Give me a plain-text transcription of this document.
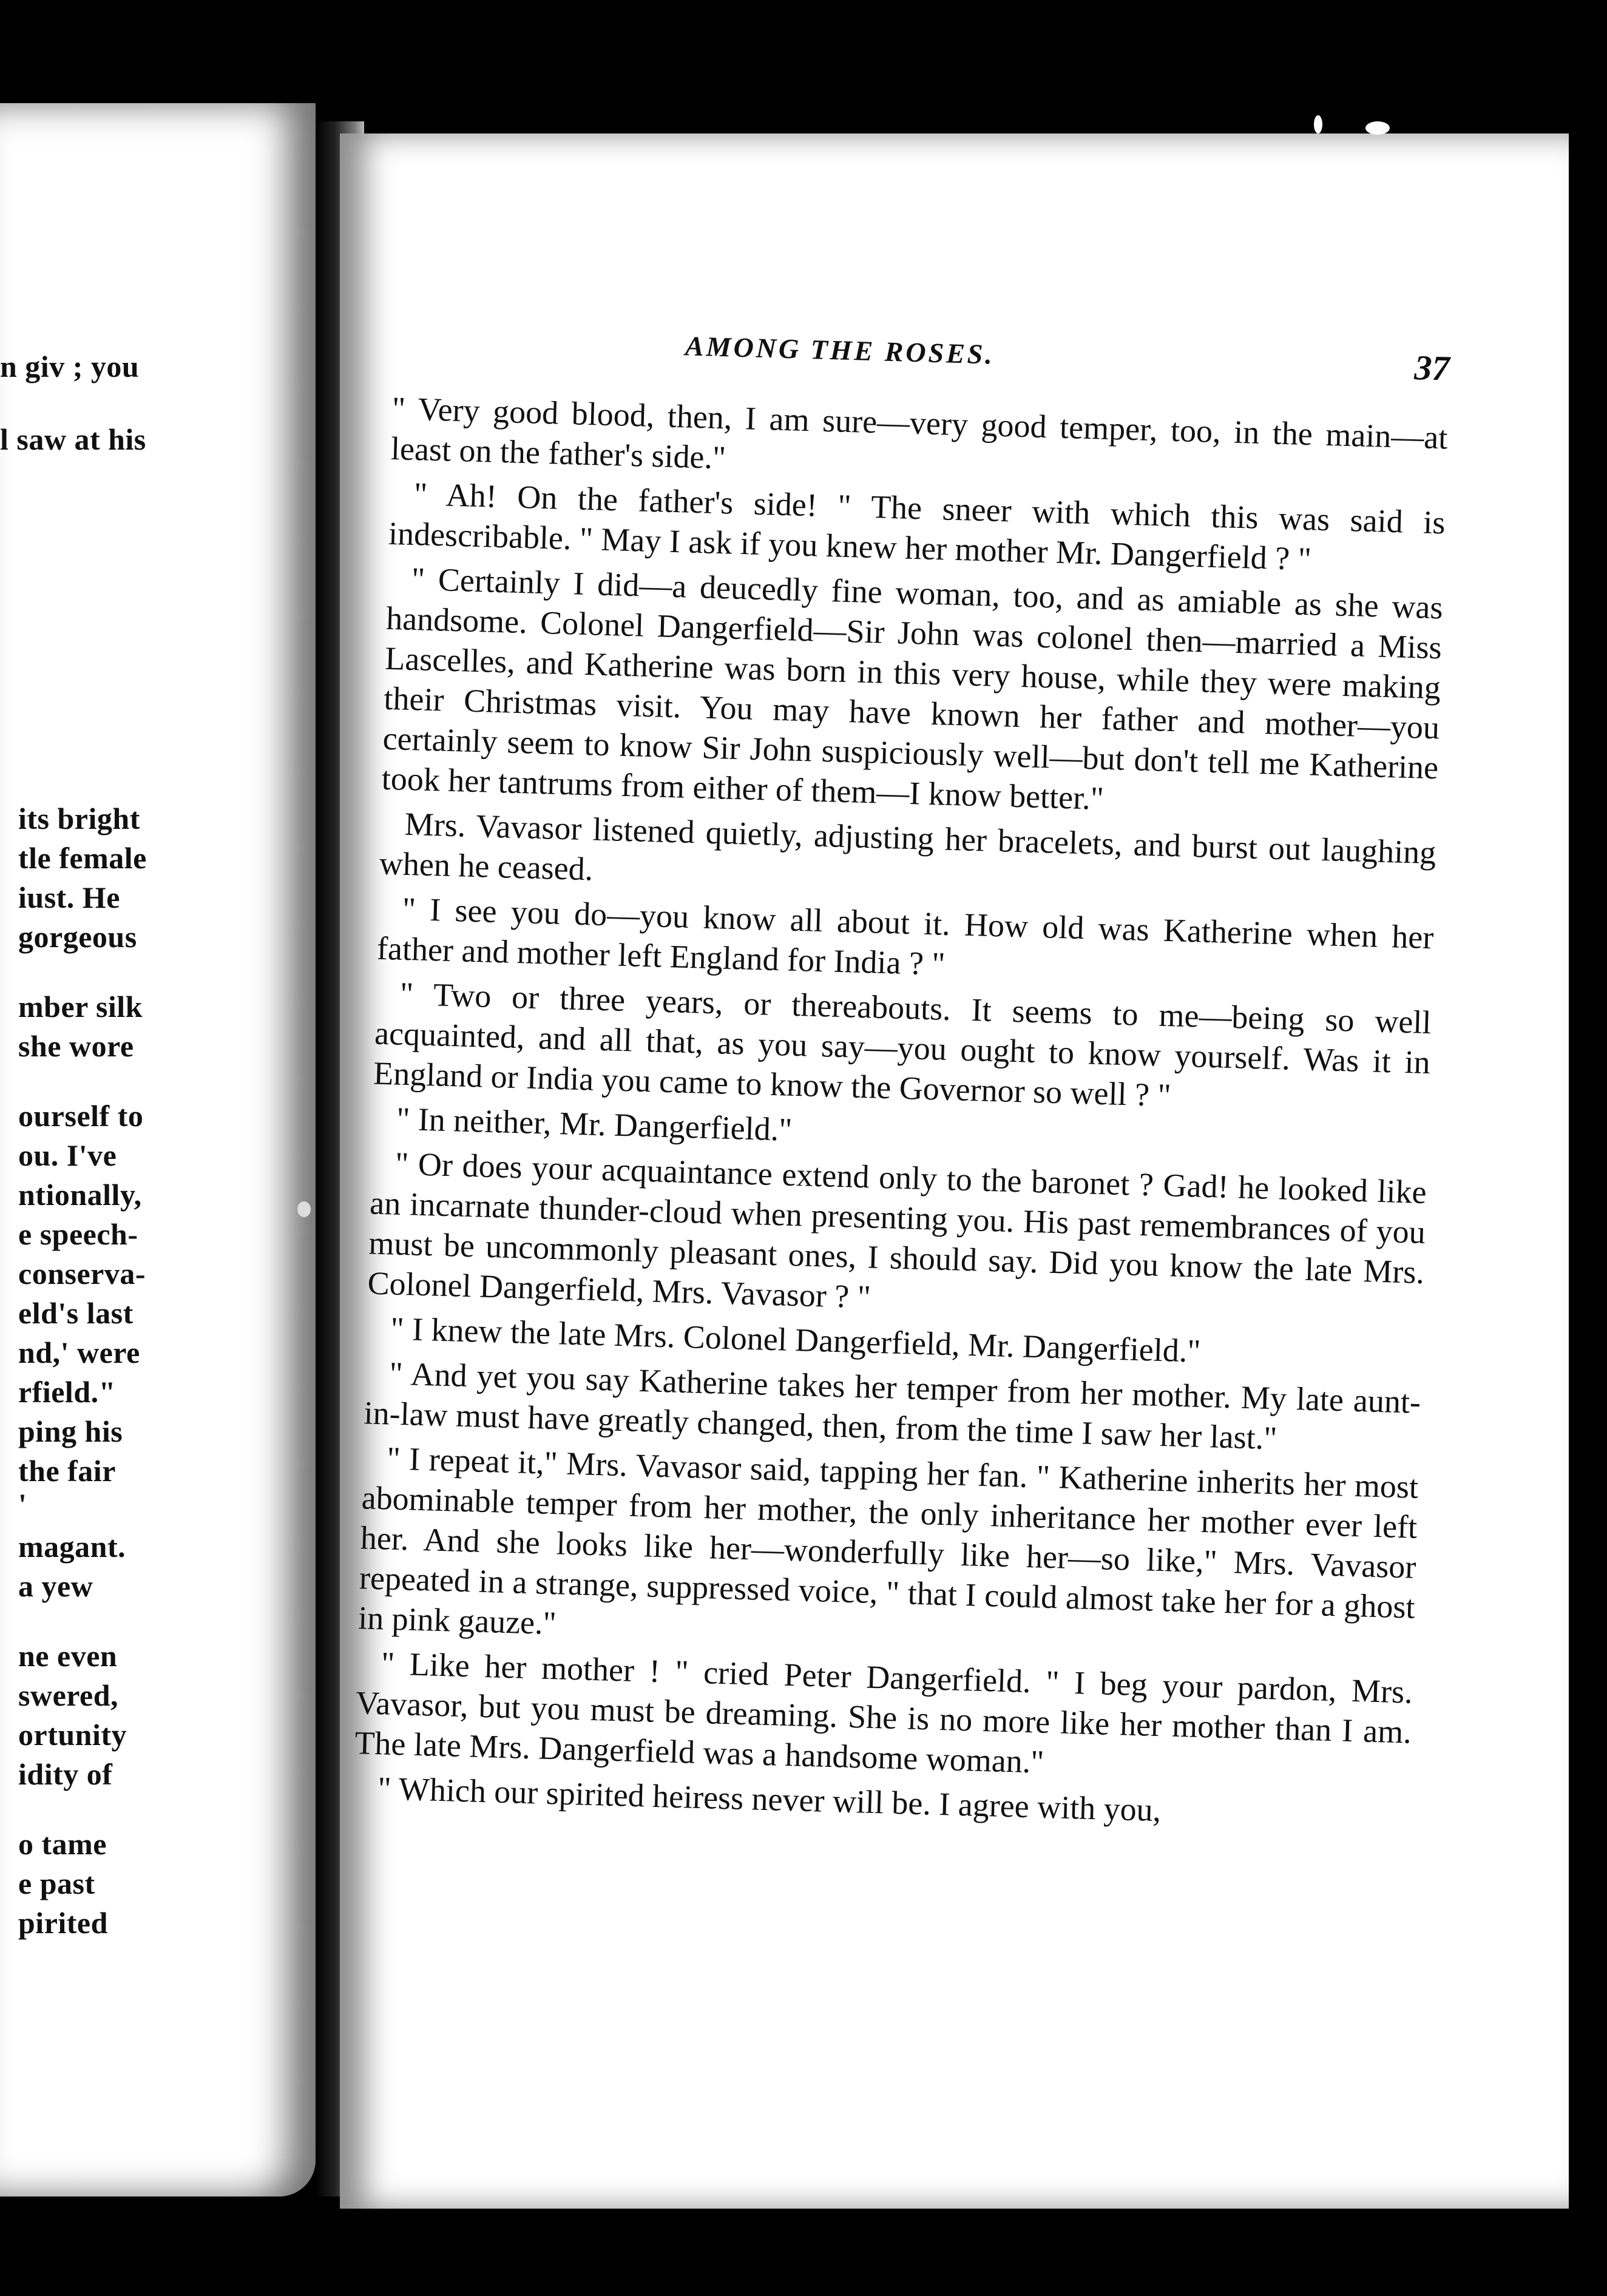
n giv ; you
l saw at his
its bright
tle female
iust. He
gorgeous
mber silk
she wore
ourself to
ou. I've
ntionally,
e speech-
conserva-
eld's last
nd,' were
rfield."
ping his
the fair
'
magant.
a yew
ne even
swered,
ortunity
idity of
o tame
e past
pirited
AMONG THE ROSES.	37

" Very good blood, then, I am sure—very good temper, too, in the main—at least on the father's side."

" Ah! On the father's side! " The sneer with which this was said is indescribable. " May I ask if you knew her mother Mr. Dangerfield ? "

" Certainly I did—a deucedly fine woman, too, and as amiable as she was handsome. Colonel Dangerfield—Sir John was colonel then—married a Miss Lascelles, and Katherine was born in this very house, while they were making their Christmas visit. You may have known her father and mother—you certainly seem to know Sir John suspiciously well—but don't tell me Katherine took her tantrums from either of them—I know better."

Mrs. Vavasor listened quietly, adjusting her bracelets, and burst out laughing when he ceased.

" I see you do—you know all about it. How old was Katherine when her father and mother left England for India ? "

" Two or three years, or thereabouts. It seems to me—being so well acquainted, and all that, as you say—you ought to know yourself. Was it in England or India you came to know the Governor so well ? "

" In neither, Mr. Dangerfield."

" Or does your acquaintance extend only to the baronet ? Gad! he looked like an incarnate thunder-cloud when presenting you. His past remembrances of you must be uncommonly pleasant ones, I should say. Did you know the late Mrs. Colonel Dangerfield, Mrs. Vavasor ? "

" I knew the late Mrs. Colonel Dangerfield, Mr. Dangerfield."

" And yet you say Katherine takes her temper from her mother. My late aunt-in-law must have greatly changed, then, from the time I saw her last."

" I repeat it," Mrs. Vavasor said, tapping her fan. " Katherine inherits her most abominable temper from her mother, the only inheritance her mother ever left her. And she looks like her—wonderfully like her—so like," Mrs. Vavasor repeated in a strange, suppressed voice, " that I could almost take her for a ghost in pink gauze."

" Like her mother ! " cried Peter Dangerfield. " I beg your pardon, Mrs. Vavasor, but you must be dreaming. She is no more like her mother than I am. The late Mrs. Dangerfield was a handsome woman."

" Which our spirited heiress never will be. I agree with you,
